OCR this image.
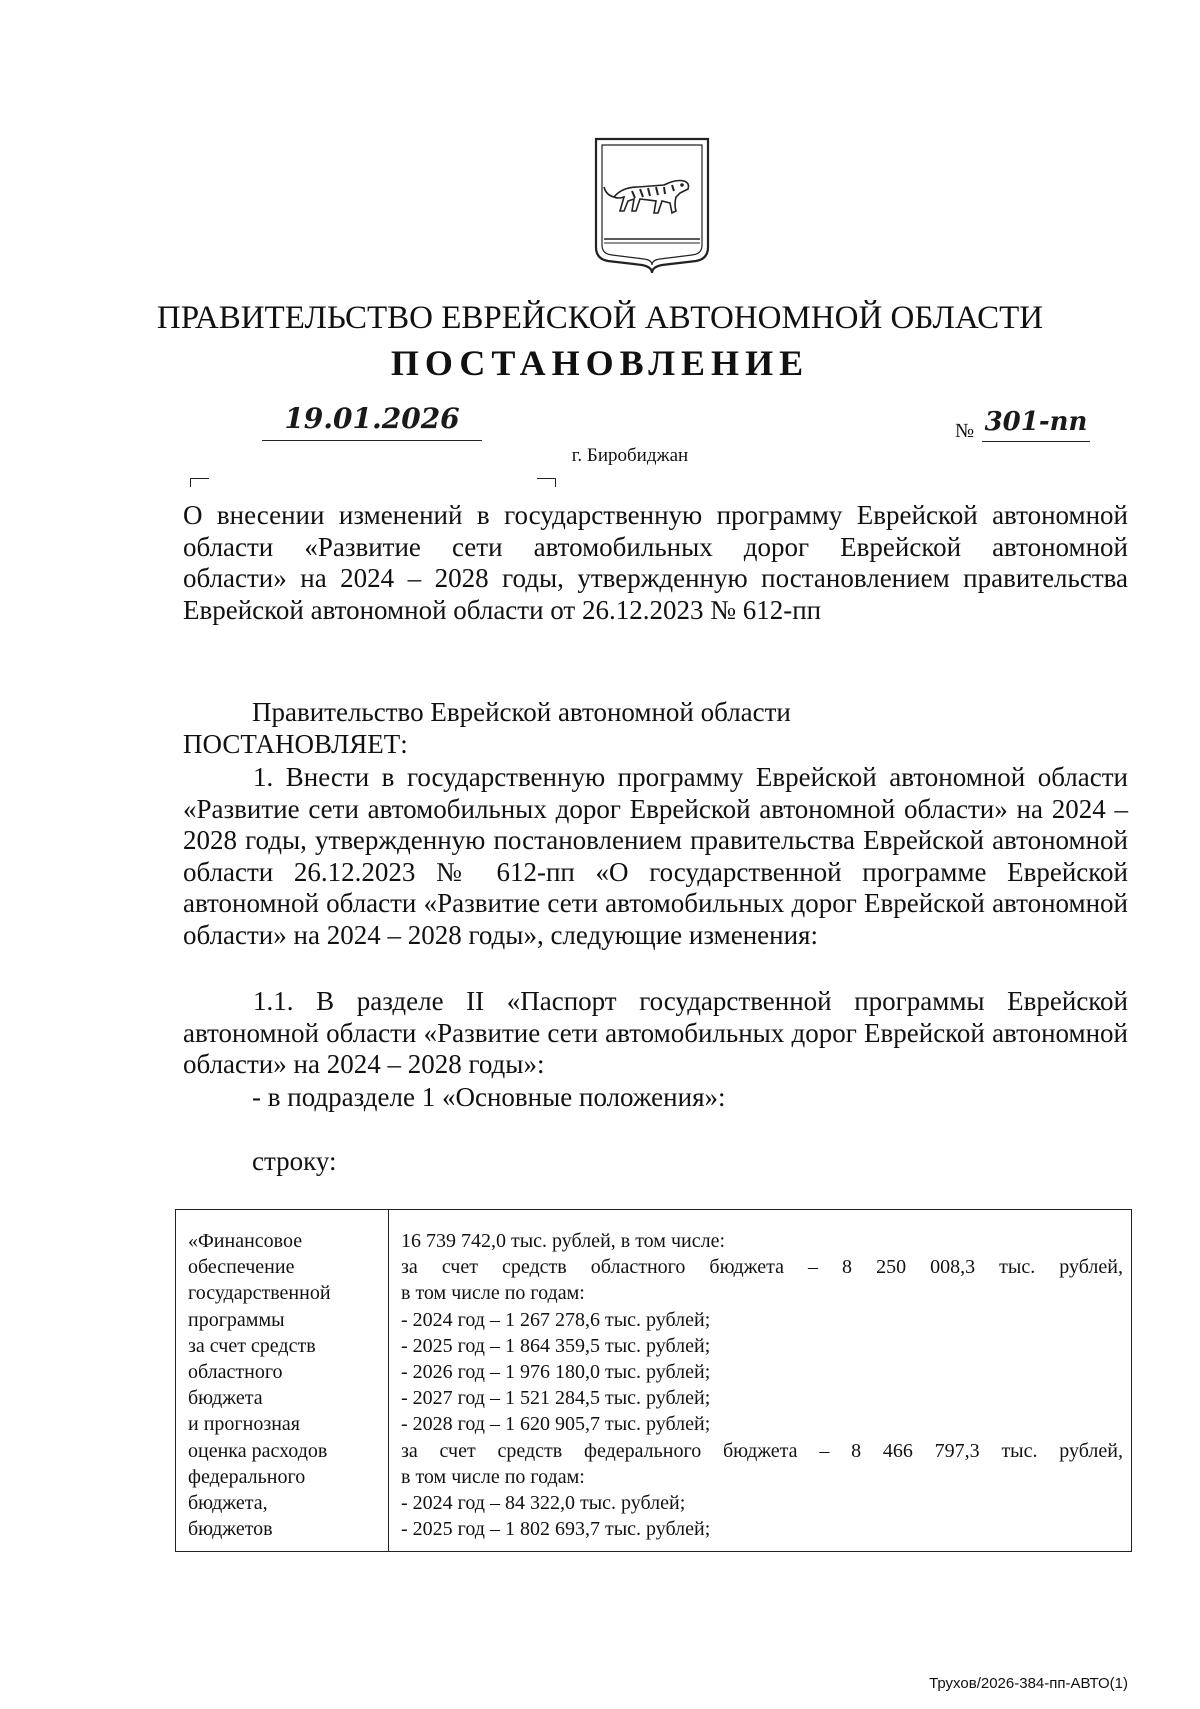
ПРАВИТЕЛЬСТВО ЕВРЕЙСКОЙ АВТОНОМНОЙ ОБЛАСТИ
ПОСТАНОВЛЕНИЕ
19.01.2026	№ 301-пп
г. Биробиджан
О внесении изменений в государственную программу Еврейской автономной
области «Развитие сети автомобильных дорог Еврейской автономной
области» на 2024 – 2028 годы, утвержденную постановлением правительства
Еврейской автономной области от 26.12.2023 № 612-пп
Правительство Еврейской автономной области
ПОСТАНОВЛЯЕТ:
1. Внести в государственную программу Еврейской автономной области «Развитие сети автомобильных дорог Еврейской автономной области» на 2024 – 2028 годы, утвержденную постановлением правительства Еврейской автономной области 26.12.2023 № 612-пп «О государственной программе Еврейской автономной области «Развитие сети автомобильных дорог Еврейской автономной области» на 2024 – 2028 годы», следующие изменения:
1.1. В разделе II «Паспорт государственной программы Еврейской автономной области «Развитие сети автомобильных дорог Еврейской автономной области» на 2024 – 2028 годы»:
- в подразделе 1 «Основные положения»:
строку:
«Финансовое
обеспечение
государственной
программы
за счет средств
областного
бюджета
и прогнозная
оценка расходов
федерального
бюджета,
бюджетов
16 739 742,0 тыс. рублей, в том числе:
за счет средств областного бюджета – 8 250 008,3 тыс. рублей,
в том числе по годам:
- 2024 год – 1 267 278,6 тыс. рублей;
- 2025 год – 1 864 359,5 тыс. рублей;
- 2026 год – 1 976 180,0 тыс. рублей;
- 2027 год – 1 521 284,5 тыс. рублей;
- 2028 год – 1 620 905,7 тыс. рублей;
за счет средств федерального бюджета – 8 466 797,3 тыс. рублей,
в том числе по годам:
- 2024 год – 84 322,0 тыс. рублей;
- 2025 год – 1 802 693,7 тыс. рублей;
Трухов/2026-384-пп-АВТО(1)
